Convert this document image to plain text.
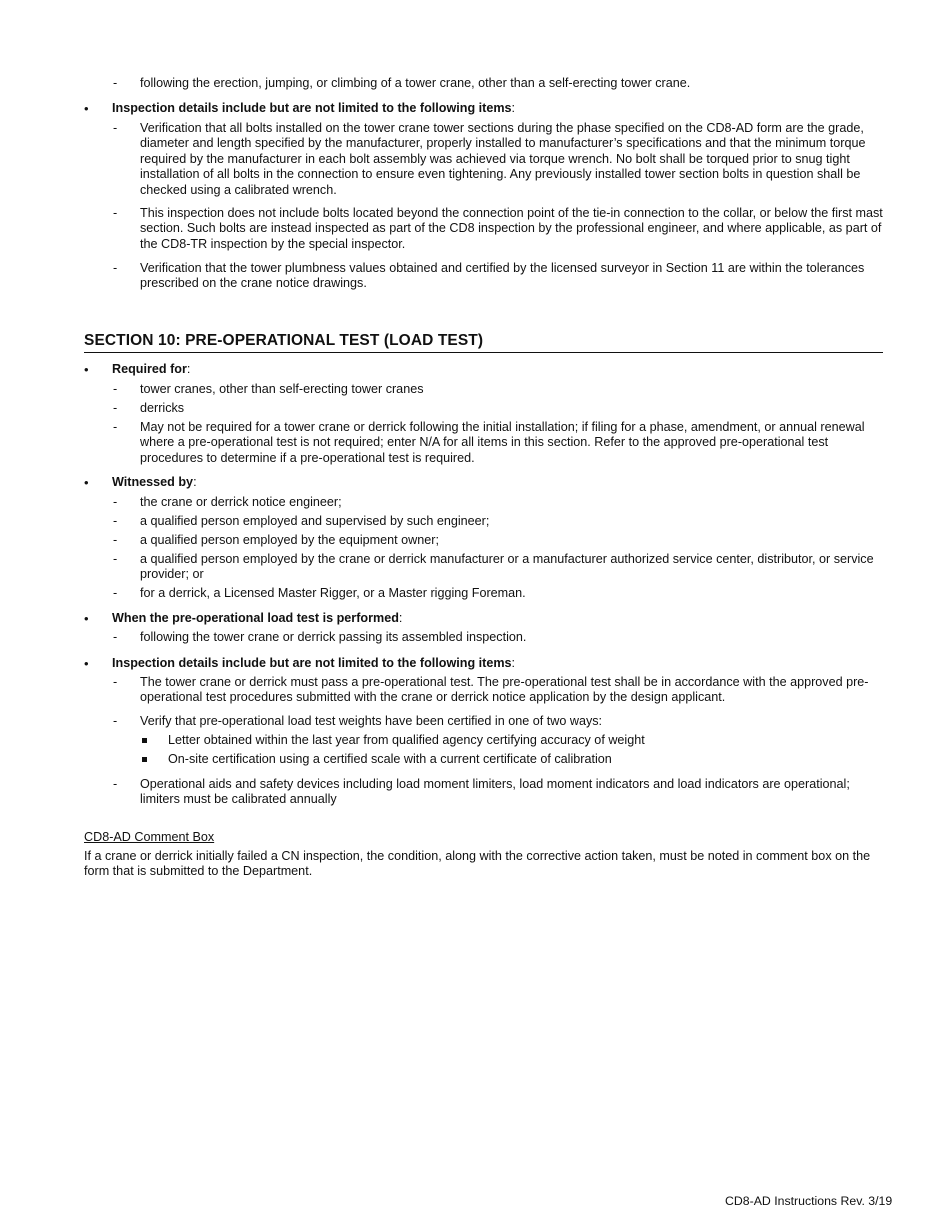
-	following the erection, jumping, or climbing of a tower crane, other than a self-erecting tower crane.
• Inspection details include but are not limited to the following items:
-	Verification that all bolts installed on the tower crane tower sections during the phase specified on the CD8-AD form are the grade, diameter and length specified by the manufacturer, properly installed to manufacturer’s specifications and that the minimum torque required by the manufacturer in each bolt assembly was achieved via torque wrench. No bolt shall be torqued prior to snug tight installation of all bolts in the connection to ensure even tightening. Any previously installed tower section bolts in question shall be checked using a calibrated wrench.
-	This inspection does not include bolts located beyond the connection point of the tie-in connection to the collar, or below the first mast section. Such bolts are instead inspected as part of the CD8 inspection by the professional engineer, and where applicable, as part of the CD8-TR inspection by the special inspector.
-	Verification that the tower plumbness values obtained and certified by the licensed surveyor in Section 11 are within the tolerances prescribed on the crane notice drawings.
SECTION 10: PRE-OPERATIONAL TEST (LOAD TEST)
• Required for:
-	tower cranes, other than self-erecting tower cranes
-	derricks
-	May not be required for a tower crane or derrick following the initial installation; if filing for a phase, amendment, or annual renewal where a pre-operational test is not required; enter N/A for all items in this section. Refer to the approved pre-operational test procedures to determine if a pre-operational test is required.
• Witnessed by:
-	the crane or derrick notice engineer;
-	a qualified person employed and supervised by such engineer;
-	a qualified person employed by the equipment owner;
-	a qualified person employed by the crane or derrick manufacturer or a manufacturer authorized service center, distributor, or service provider; or
-	for a derrick, a Licensed Master Rigger, or a Master rigging Foreman.
• When the pre-operational load test is performed:
-	following the tower crane or derrick passing its assembled inspection.
• Inspection details include but are not limited to the following items:
-	The tower crane or derrick must pass a pre-operational test. The pre-operational test shall be in accordance with the approved pre-operational test procedures submitted with the crane or derrick notice application by the design applicant.
-	Verify that pre-operational load test weights have been certified in one of two ways:
Letter obtained within the last year from qualified agency certifying accuracy of weight
On-site certification using a certified scale with a current certificate of calibration
-	Operational aids and safety devices including load moment limiters, load moment indicators and load indicators are operational; limiters must be calibrated annually
CD8-AD Comment Box
If a crane or derrick initially failed a CN inspection, the condition, along with the corrective action taken, must be noted in comment box on the form that is submitted to the Department.
CD8-AD Instructions Rev. 3/19
